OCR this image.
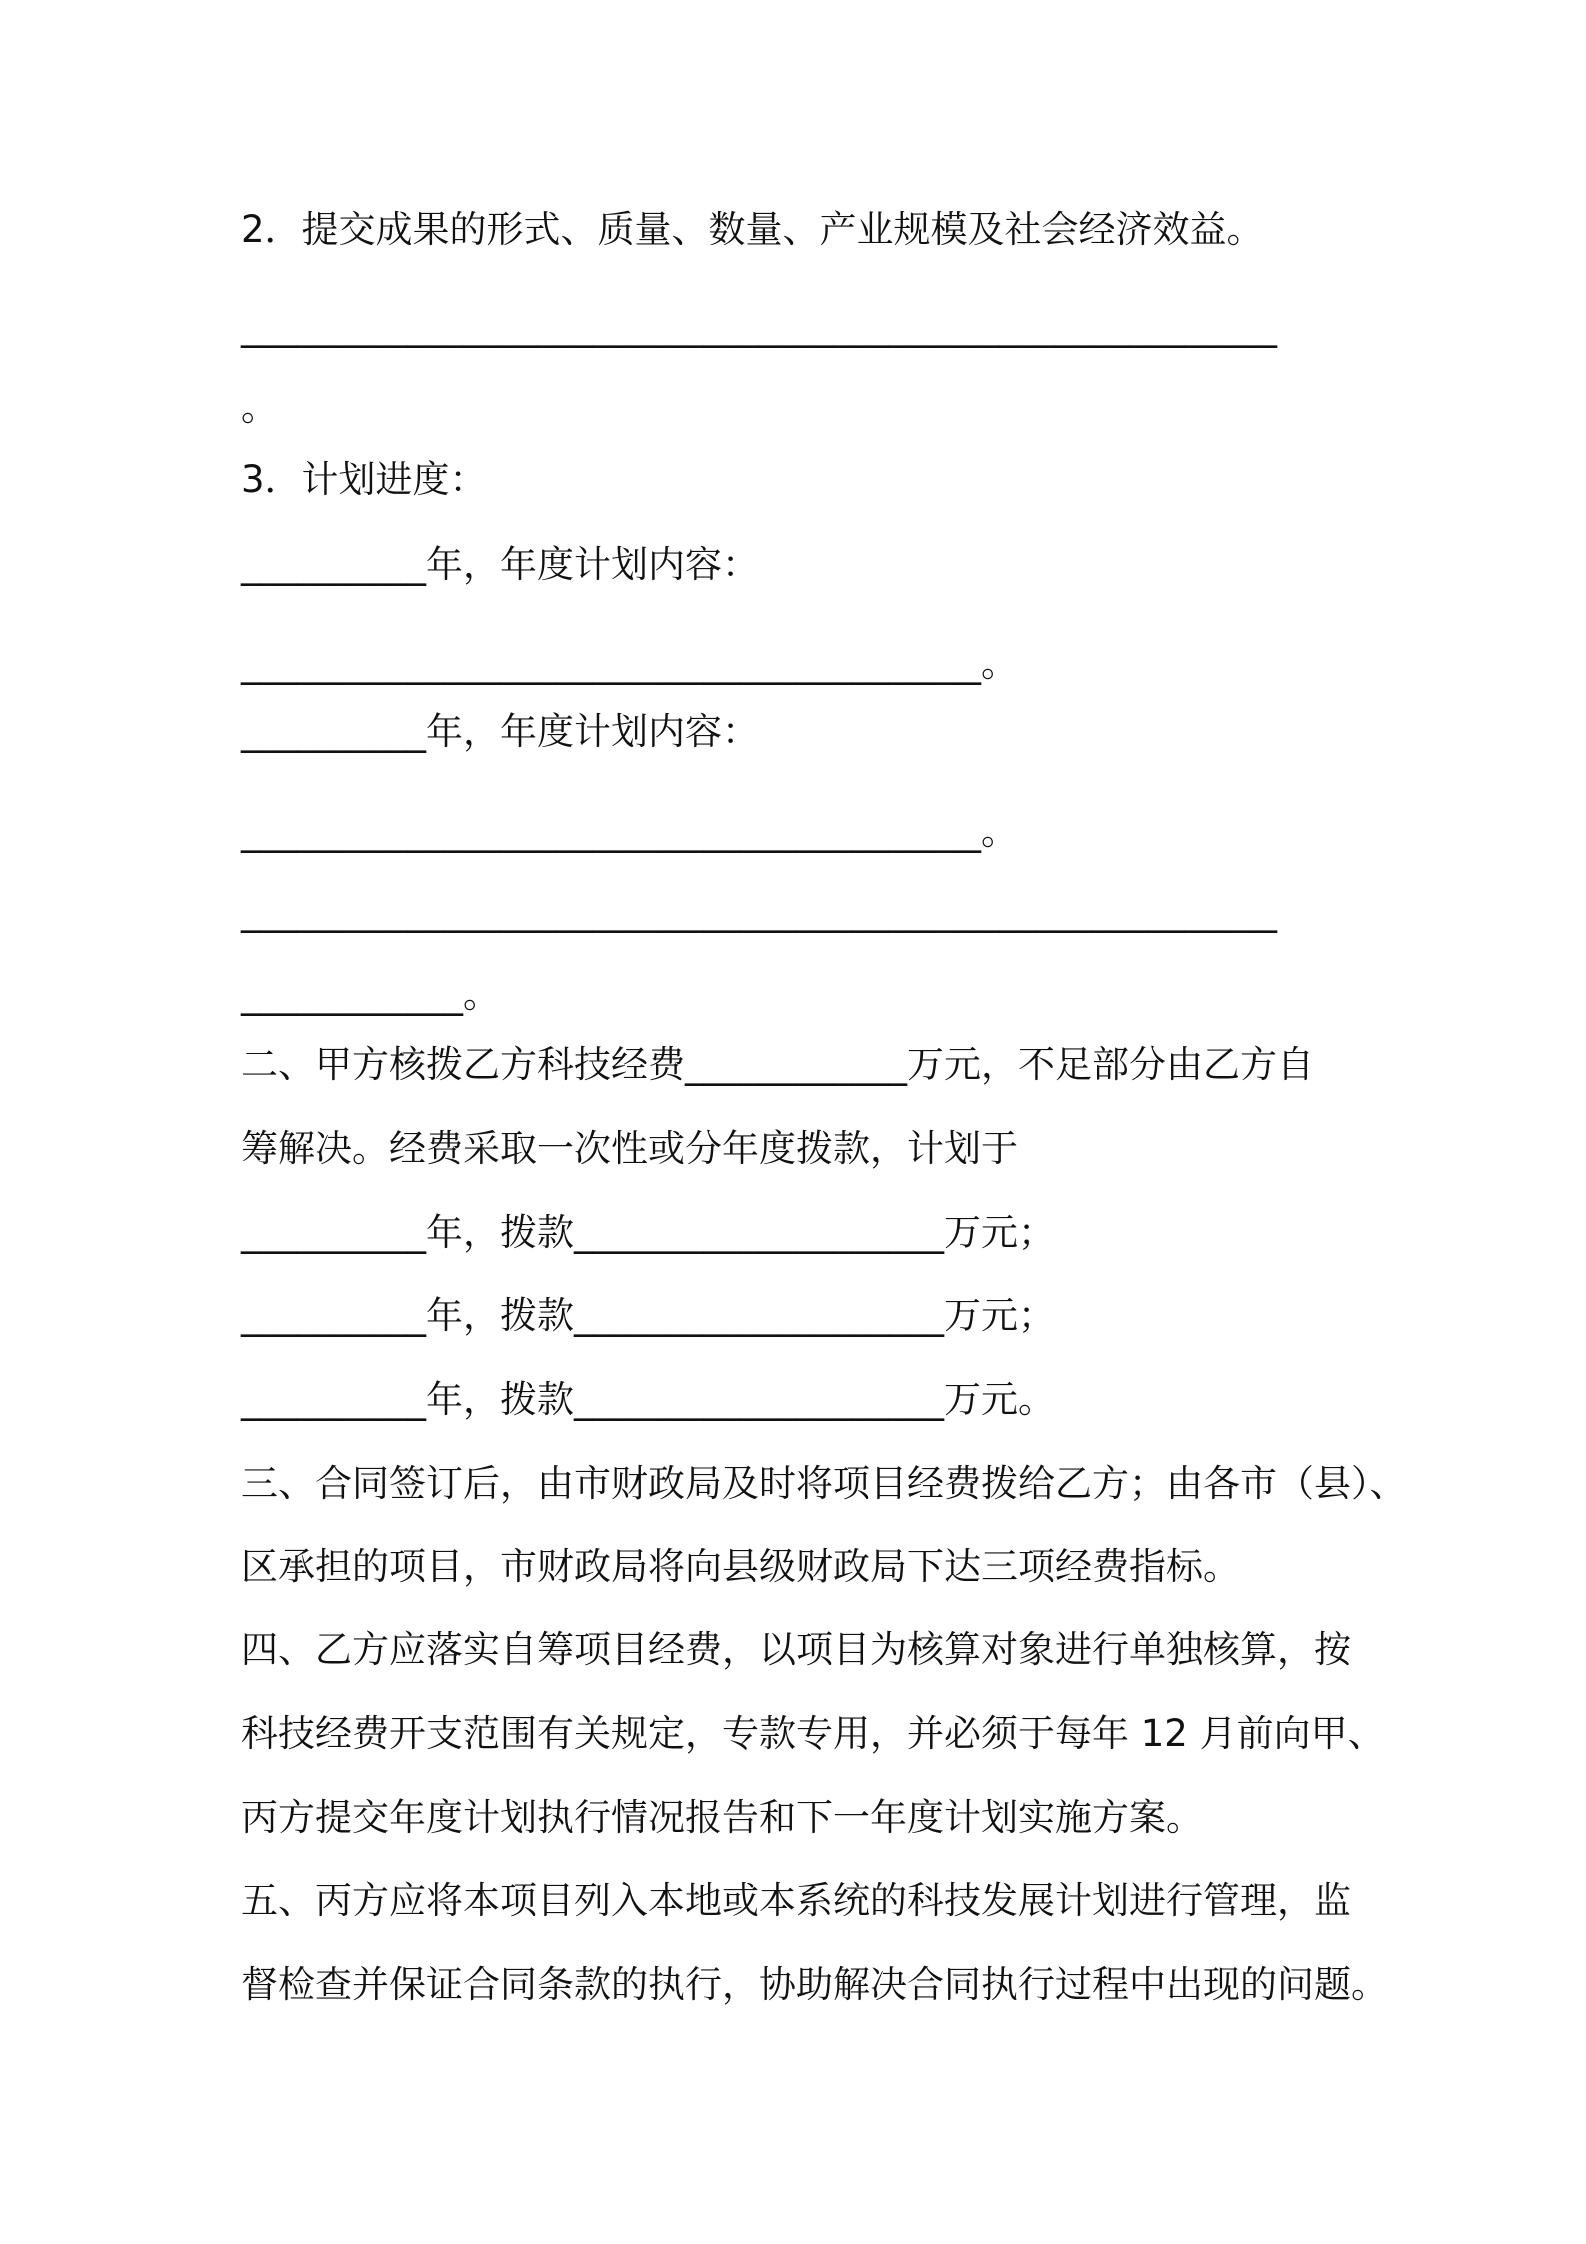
2．提交成果的形式、质量、数量、产业规模及社会经济效益。
________________________________________________________
。
3．计划进度：
__________年，年度计划内容：
________________________________________。
__________年，年度计划内容：
________________________________________。
________________________________________________________
____________。
二、甲方核拨乙方科技经费____________万元，不足部分由乙方自
筹解决。经费采取一次性或分年度拨款，计划于
__________年，拨款____________________万元；
__________年，拨款____________________万元；
__________年，拨款____________________万元。
三、合同签订后，由市财政局及时将项目经费拨给乙方；由各市（县）、
区承担的项目，市财政局将向县级财政局下达三项经费指标。
四、乙方应落实自筹项目经费，以项目为核算对象进行单独核算，按
科技经费开支范围有关规定，专款专用，并必须于每年 12 月前向甲、
丙方提交年度计划执行情况报告和下一年度计划实施方案。
五、丙方应将本项目列入本地或本系统的科技发展计划进行管理，监
督检查并保证合同条款的执行，协助解决合同执行过程中出现的问题。
